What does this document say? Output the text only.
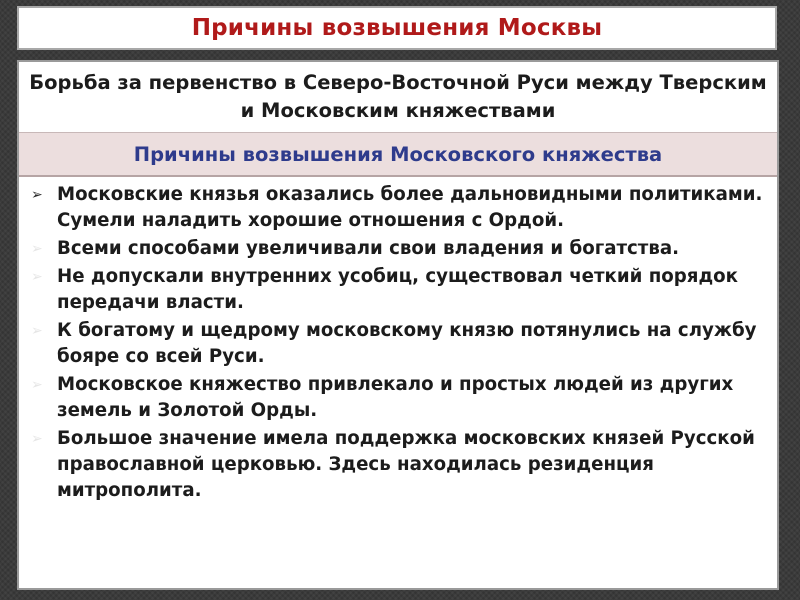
Причины возвышения Москвы
Борьба за первенство в Северо-Восточной Руси между Тверским и Московским княжествами
Причины возвышения Московского княжества
➢ Московские князья оказались более дальновидными политиками. Сумели наладить хорошие отношения с Ордой.
➢ Всеми способами увеличивали свои владения и богатства.
➢ Не допускали внутренних усобиц, существовал четкий порядок передачи власти.
➢ К богатому и щедрому московскому князю потянулись на службу бояре со всей Руси.
➢ Московское княжество привлекало и простых людей из других земель и Золотой Орды.
➢ Большое значение имела поддержка московских князей Русской православной церковью. Здесь находилась резиденция митрополита.
